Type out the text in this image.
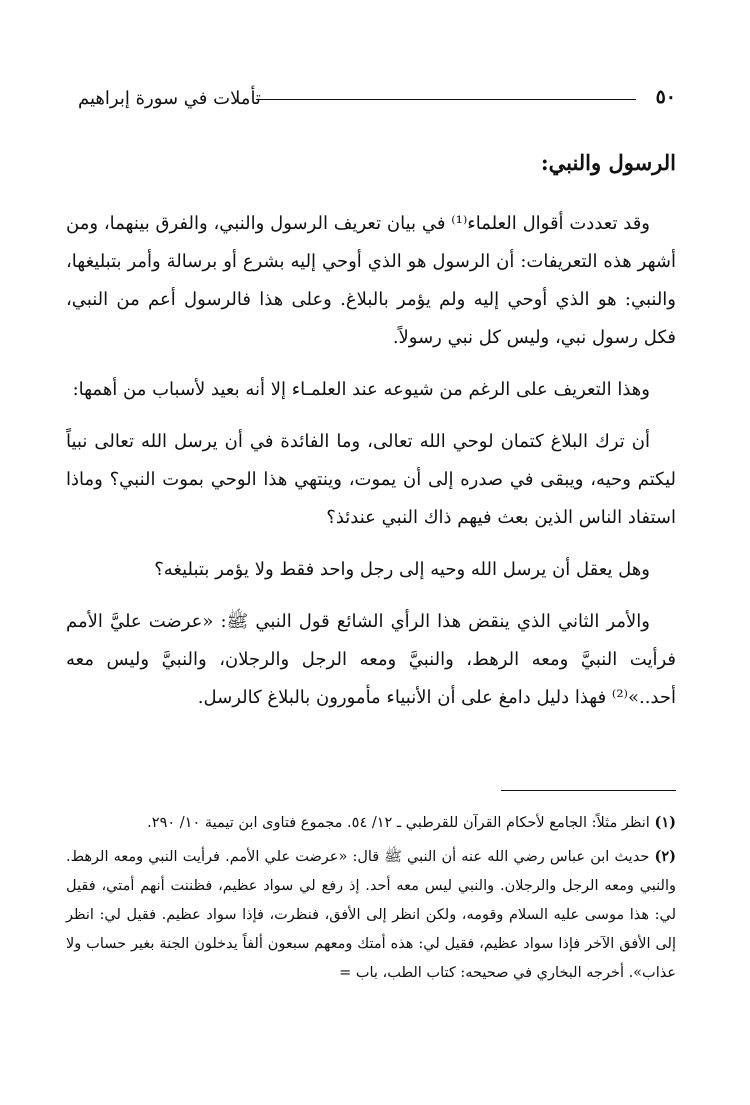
تأملات في سورة إبراهيم	٥٠
الرسول والنبي:

وقد تعددت أقوال العلماء⁽¹⁾ في بيان تعريف الرسول والنبي، والفرق بينهما، ومن أشهر هذه التعريفات: أن الرسول هو الذي أوحي إليه بشرع أو برسالة وأمر بتبليغها، والنبي: هو الذي أوحي إليه ولم يؤمر بالبلاغ. وعلى هذا فالرسول أعم من النبي، فكل رسول نبي، وليس كل نبي رسولاً.

وهذا التعريف على الرغم من شيوعه عند العلمـاء إلا أنه بعيد لأسباب من أهمها:

أن ترك البلاغ كتمان لوحي الله تعالى، وما الفائدة في أن يرسل الله تعالى نبياً ليكتم وحيه، ويبقى في صدره إلى أن يموت، وينتهي هذا الوحي بموت النبي؟ وماذا استفاد الناس الذين بعث فيهم ذاك النبي عندئذ؟

وهل يعقل أن يرسل الله وحيه إلى رجل واحد فقط ولا يؤمر بتبليغه؟

والأمر الثاني الذي ينقض هذا الرأي الشائع قول النبي ﷺ: «عرضت عليَّ الأمم فرأيت النبيَّ ومعه الرهط، والنبيَّ ومعه الرجل والرجلان، والنبيَّ وليس معه أحد..»⁽²⁾ فهذا دليل دامغ على أن الأنبياء مأمورون بالبلاغ كالرسل.

(١) انظر مثلاً: الجامع لأحكام القرآن للقرطبي ـ ١٢/ ٥٤. مجموع فتاوى ابن تيمية ١٠/ ٢٩٠.

(٢) حديث ابن عباس رضي الله عنه أن النبي ﷺ قال: «عرضت علي الأمم. فرأيت النبي ومعه الرهط. والنبي ومعه الرجل والرجلان. والنبي ليس معه أحد. إذ رفع لي سواد عظيم، فظننت أنهم أمتي، فقيل لي: هذا موسى عليه السلام وقومه، ولكن انظر إلى الأفق، فنظرت، فإذا سواد عظيم. فقيل لي: انظر إلى الأفق الآخر فإذا سواد عظيم، فقيل لي: هذه أمتك ومعهم سبعون ألفاً يدخلون الجنة بغير حساب ولا عذاب». أخرجه البخاري في صحيحه: كتاب الطب، باب =
